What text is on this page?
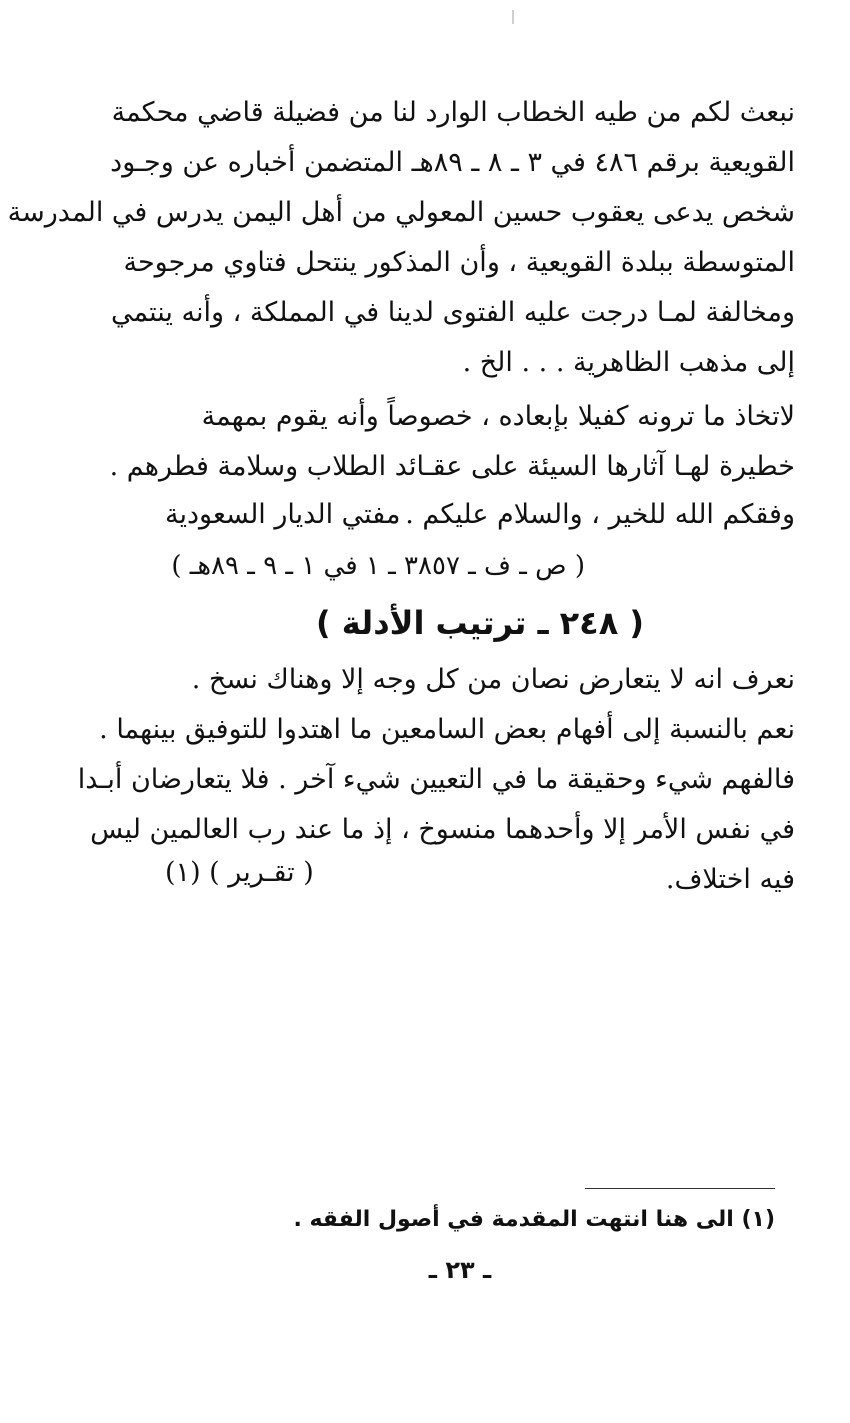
نبعث لكم من طيه الخطاب الوارد لنا من فضيلة قاضي محكمة
القويعية برقم ٤٨٦ في ٣ ـ ٨ ـ ٨٩هـ المتضمن أخباره عن وجـود
شخص يدعى يعقوب حسين المعولي من أهل اليمن يدرس في المدرسة
المتوسطة ببلدة القويعية ، وأن المذكور ينتحل فتاوي مرجوحة
ومخالفة لمـا درجت عليه الفتوى لدينا في المملكة ، وأنه ينتمي
إلى مذهب الظاهرية . . . الخ .
لاتخاذ ما ترونه كفيلا بإبعاده ، خصوصاً وأنه يقوم بمهمة
خطيرة لهـا آثارها السيئة على عقـائد الطلاب وسلامة فطرهم .
وفقكم الله للخير ، والسلام عليكم .
مفتي الديار السعودية
( ص ـ ف ـ ٣٨٥٧ ـ ١ في ١ ـ ٩ ـ ٨٩هـ )
( ٢٤٨ ـ ترتيب الأدلة )
نعرف انه لا يتعارض نصان من كل وجه إلا وهناك نسخ .
نعم بالنسبة إلى أفهام بعض السامعين ما اهتدوا للتوفيق بينهما .
فالفهم شيء وحقيقة ما في التعيين شيء آخر . فلا يتعارضان أبـدا
في نفس الأمر إلا وأحدهما منسوخ ، إذ ما عند رب العالمين ليس
فيه اختلاف.
( تقـرير ) (١)
(١) الى هنا انتهت المقدمة في أصول الفقه .
ـ ٢٣ ـ
